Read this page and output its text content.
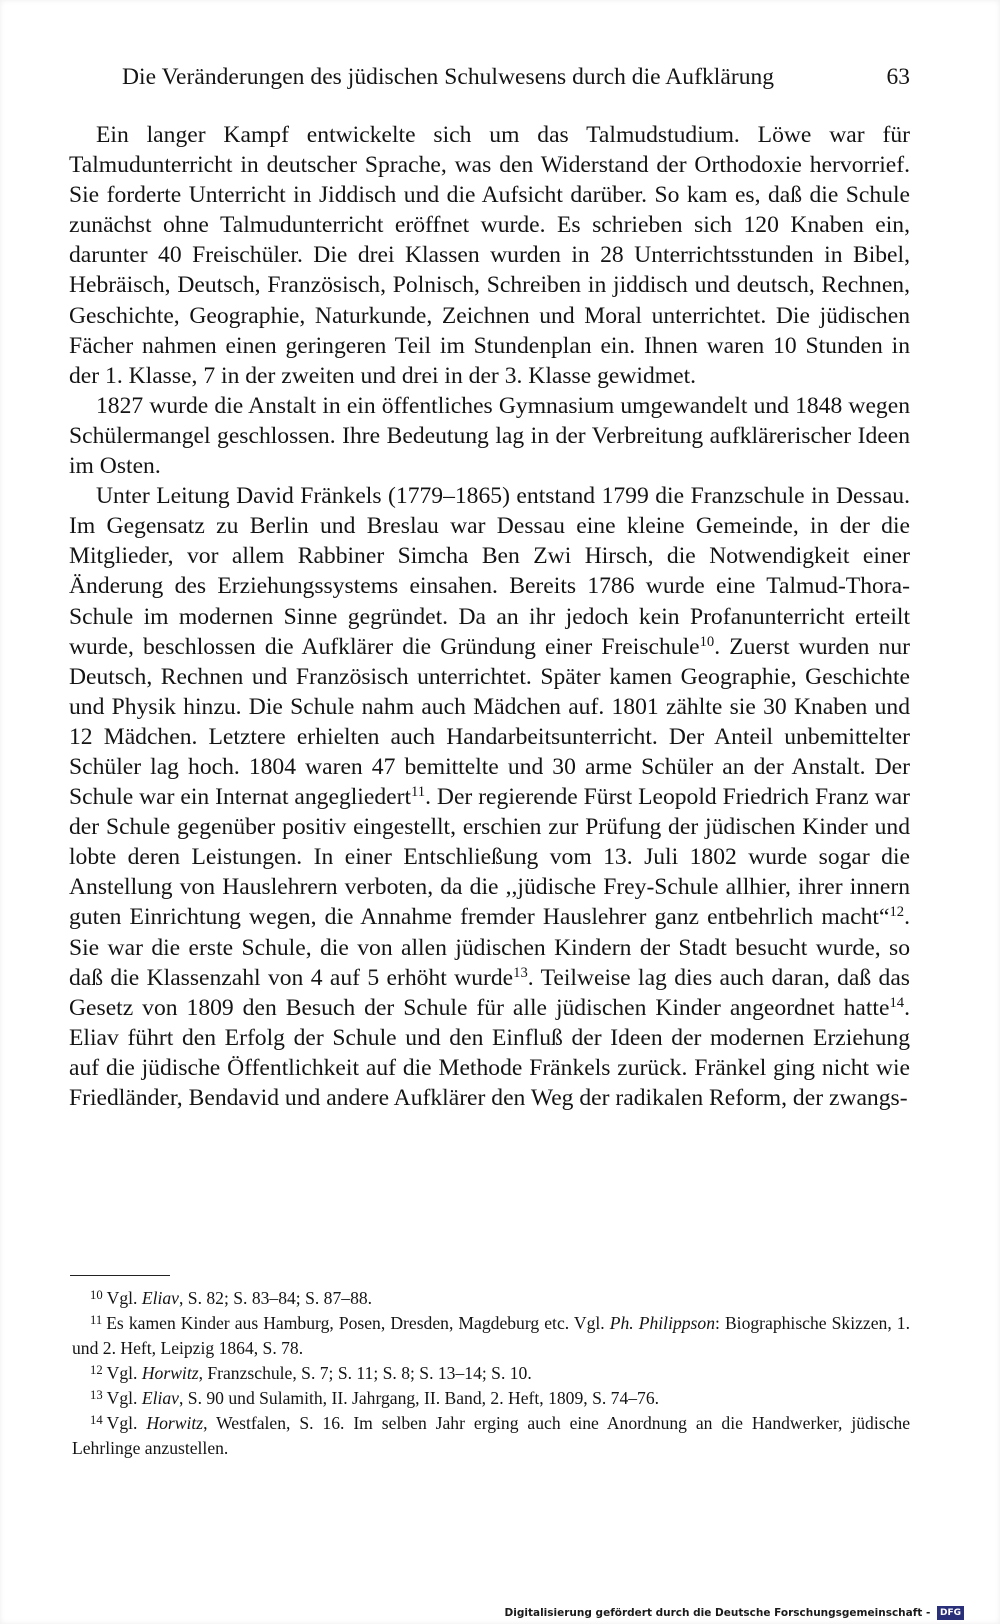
Die Veränderungen des jüdischen Schulwesens durch die Aufklärung	63

Ein langer Kampf entwickelte sich um das Talmudstudium. Löwe war für Talmudunterricht in deutscher Sprache, was den Widerstand der Orthodoxie hervorrief. Sie forderte Unterricht in Jiddisch und die Aufsicht darüber. So kam es, daß die Schule zunächst ohne Talmudunterricht eröffnet wurde. Es schrieben sich 120 Knaben ein, darunter 40 Freischüler. Die drei Klassen wurden in 28 Unterrichtsstunden in Bibel, Hebräisch, Deutsch, Französisch, Polnisch, Schreiben in jiddisch und deutsch, Rechnen, Geschichte, Geographie, Naturkunde, Zeichnen und Moral unterrichtet. Die jüdischen Fächer nahmen einen geringeren Teil im Stundenplan ein. Ihnen waren 10 Stunden in der 1. Klasse, 7 in der zweiten und drei in der 3. Klasse gewidmet.

1827 wurde die Anstalt in ein öffentliches Gymnasium umgewandelt und 1848 wegen Schülermangel geschlossen. Ihre Bedeutung lag in der Verbreitung aufklärerischer Ideen im Osten.

Unter Leitung David Fränkels (1779–1865) entstand 1799 die Franzschule in Dessau. Im Gegensatz zu Berlin und Breslau war Dessau eine kleine Gemeinde, in der die Mitglieder, vor allem Rabbiner Simcha Ben Zwi Hirsch, die Notwendigkeit einer Änderung des Erziehungssystems einsahen. Bereits 1786 wurde eine Talmud-Thora-Schule im modernen Sinne gegründet. Da an ihr jedoch kein Profanunterricht erteilt wurde, beschlossen die Aufklärer die Gründung einer Freischule$^{10}$. Zuerst wurden nur Deutsch, Rechnen und Französisch unterrichtet. Später kamen Geographie, Geschichte und Physik hinzu. Die Schule nahm auch Mädchen auf. 1801 zählte sie 30 Knaben und 12 Mädchen. Letztere erhielten auch Handarbeitsunterricht. Der Anteil unbemittelter Schüler lag hoch. 1804 waren 47 bemittelte und 30 arme Schüler an der Anstalt. Der Schule war ein Internat angegliedert$^{11}$. Der regierende Fürst Leopold Friedrich Franz war der Schule gegenüber positiv eingestellt, erschien zur Prüfung der jüdischen Kinder und lobte deren Leistungen. In einer Entschließung vom 13. Juli 1802 wurde sogar die Anstellung von Hauslehrern verboten, da die ,,jüdische Frey-Schule allhier, ihrer innern guten Einrichtung wegen, die Annahme fremder Hauslehrer ganz entbehrlich macht“$^{12}$. Sie war die erste Schule, die von allen jüdischen Kindern der Stadt besucht wurde, so daß die Klassenzahl von 4 auf 5 erhöht wurde$^{13}$. Teilweise lag dies auch daran, daß das Gesetz von 1809 den Besuch der Schule für alle jüdischen Kinder angeordnet hatte$^{14}$. Eliav führt den Erfolg der Schule und den Einfluß der Ideen der modernen Erziehung auf die jüdische Öffentlichkeit auf die Methode Fränkels zurück. Fränkel ging nicht wie Friedländer, Bendavid und andere Aufklärer den Weg der radikalen Reform, der zwangs-

$^{10}$ Vgl. Eliav, S. 82; S. 83–84; S. 87–88.

$^{11}$ Es kamen Kinder aus Hamburg, Posen, Dresden, Magdeburg etc. Vgl. Ph. Philippson: Biographische Skizzen, 1. und 2. Heft, Leipzig 1864, S. 78.

$^{12}$ Vgl. Horwitz, Franzschule, S. 7; S. 11; S. 8; S. 13–14; S. 10.

$^{13}$ Vgl. Eliav, S. 90 und Sulamith, II. Jahrgang, II. Band, 2. Heft, 1809, S. 74–76.

$^{14}$ Vgl. Horwitz, Westfalen, S. 16. Im selben Jahr erging auch eine Anordnung an die Handwerker, jüdische Lehrlinge anzustellen.

Digitalisierung gefördert durch die Deutsche Forschungsgemeinschaft - DFG
